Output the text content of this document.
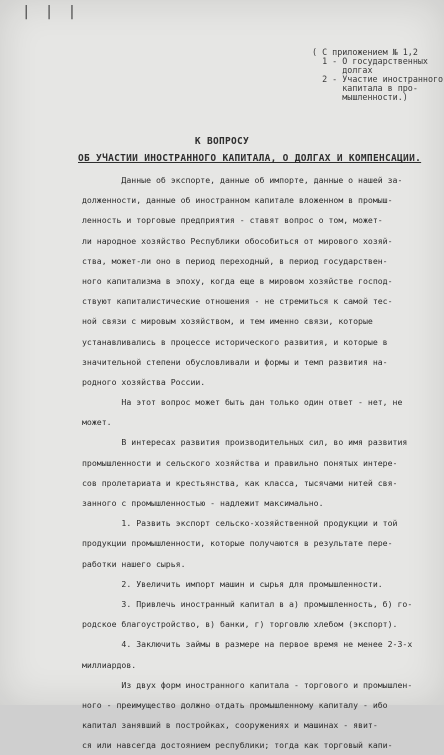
| | |
( С приложением № 1,2
1 - О государственных
долгах
2 - Участие иностранного
капитала в про-
мышленности.)
К ВОПРОСУ
ОБ УЧАСТИИ ИНОСТРАННОГО КАПИТАЛА, О ДОЛГАХ И КОМПЕНСАЦИИ.
Данные об экспорте, данные об импорте, данные о нашей за-
долженности, данные об иностранном капитале вложенном в промыш-
ленность и торговые предприятия - ставят вопрос о том, может-
ли народное хозяйство Республики обособиться от мирового хозяй-
ства, может-ли оно в период переходный, в период государствен-
ного капитализма в эпоху, когда еще в мировом хозяйстве господ-
ствуют капиталистические отношения - не стремиться к самой тес-
ной связи с мировым хозяйством, и тем именно связи, которые
устанавливались в процессе исторического развития, и которые в
значительной степени обусловливали и формы и темп развития на-
родного хозяйства России.
На этот вопрос может быть дан только один ответ - нет, не
может.
В интересах развития производительных сил, во имя развития
промышленности и сельского хозяйства и правильно понятых интере-
сов пролетариата и крестьянства, как класса, тысячами нитей свя-
занного с промышленностью - надлежит максимально.
1. Развить экспорт сельско-хозяйственной продукции и той
продукции промышленности, которые получаются в результате пере-
работки нашего сырья.
2. Увеличить импорт машин и сырья для промышленности.
3. Привлечь иностранный капитал в а) промышленность, б) го-
родское благоустройство, в) банки, г) торговлю хлебом (экспорт).
4. Заключить займы в размере на первое время не менее 2-3-х
миллиардов.
Из двух форм иностранного капитала - торгового и промышлен-
ного - преимущество должно отдать промышленному капиталу - ибо
капитал занявший в постройках, сооружениях и машинах - явит-
ся или навсегда достоянием республики; тогда как торговый капи-
